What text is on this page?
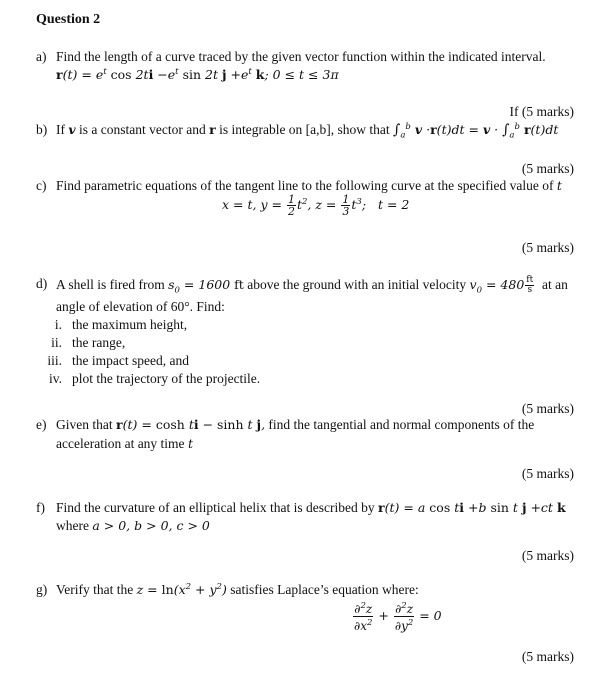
Question 2
a) Find the length of a curve traced by the given vector function within the indicated interval.
$r(t) = e^t$ $\cos 2ti -e^t$ sin 2t $j +e^t$ k; 0 ≤ t ≤ 3π
If (5 marks)
b) If v is a constant vector and r is integrable on [a,b], show that $\int_a^b$ $v \cdot r(t)dt = v \cdot \int_a^b$ r(t)dt
(5 marks)
c) Find parametric equations of the tangent line to the following curve at the specified value of t
x = t, $y = \frac{1}{2} t^2$, $z = \frac{1}{3} t^3$;   t = 2
(5 marks)
d) A shell is fired from $s_0 = 1600$ ft above the ground with an initial velocity $v_0 = 480 \frac{ft}{s}$ at an
angle of elevation of 60°. Find:
i. the maximum height,
ii. the range,
iii. the impact speed, and
iv. plot the trajectory of the projectile.
(5 marks)
e) Given that r(t) = cosh ti − sinh t j, find the tangential and normal components of the
acceleration at any time t
(5 marks)
f) Find the curvature of an elliptical helix that is described by r(t) = a cos ti +b sin t j +ct k
where a > 0, b > 0, c > 0
(5 marks)
g) Verify that the $z = \ln(x^2 + y^2)$ satisfies Laplace’s equation where:
$\frac{\partial^2z}{\partial x^2} + \frac{\partial^2z}{\partial y^2} = 0$
(5 marks)
